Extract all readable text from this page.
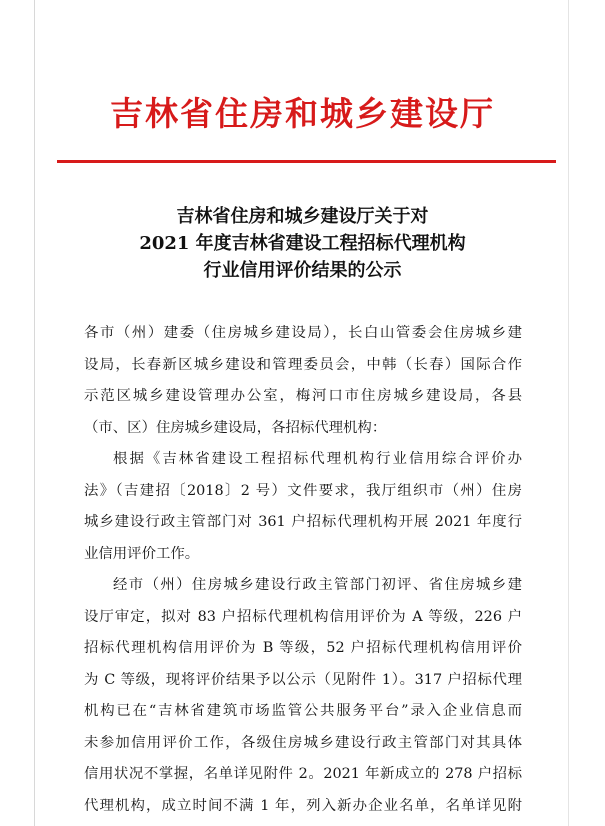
吉林省住房和城乡建设厅
吉林省住房和城乡建设厅关于对
2021 年度吉林省建设工程招标代理机构
行业信用评价结果的公示
各市（州）建委（住房城乡建设局），长白山管委会住房城乡建
设局，长春新区城乡建设和管理委员会，中韩（长春）国际合作
示范区城乡建设管理办公室，梅河口市住房城乡建设局，各县
（市、区）住房城乡建设局，各招标代理机构：
根据《吉林省建设工程招标代理机构行业信用综合评价办
法》（吉建招〔2018〕2 号）文件要求，我厅组织市（州）住房
城乡建设行政主管部门对 361 户招标代理机构开展 2021 年度行
业信用评价工作。
经市（州）住房城乡建设行政主管部门初评、省住房城乡建
设厅审定，拟对 83 户招标代理机构信用评价为 A 等级，226 户
招标代理机构信用评价为 B 等级，52 户招标代理机构信用评价
为 C 等级，现将评价结果予以公示（见附件 1）。317 户招标代理
机构已在“吉林省建筑市场监管公共服务平台”录入企业信息而
未参加信用评价工作，各级住房城乡建设行政主管部门对其具体
信用状况不掌握，名单详见附件 2。2021 年新成立的 278 户招标
代理机构，成立时间不满 1 年，列入新办企业名单，名单详见附
